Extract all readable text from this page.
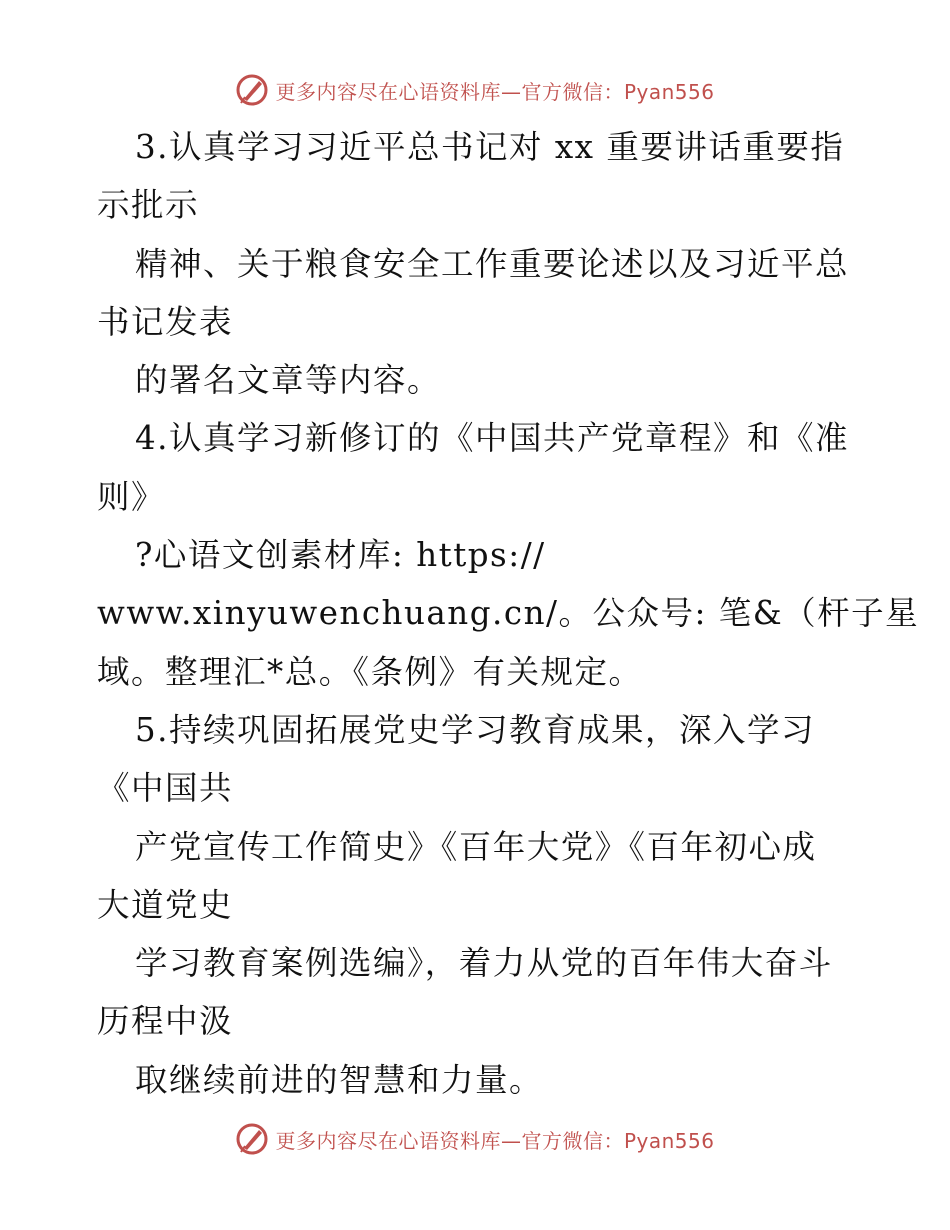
更多内容尽在心语资料库—官方微信：Pyan556
3.认真学习习近平总书记对 xx 重要讲话重要指
示批示
精神、关于粮食安全工作重要论述以及习近平总
书记发表
的署名文章等内容。
4.认真学习新修订的《中国共产党章程》和《准
则》
?心语文创素材库: https://
www.xinyuwenchuang.cn/。公众号: 笔&（杆子星
域。整理汇*总。《条例》有关规定。
5.持续巩固拓展党史学习教育成果，深入学习
《中国共
产党宣传工作简史》《百年大党》《百年初心成
大道党史
学习教育案例选编》，着力从党的百年伟大奋斗
历程中汲
取继续前进的智慧和力量。
更多内容尽在心语资料库—官方微信：Pyan556
